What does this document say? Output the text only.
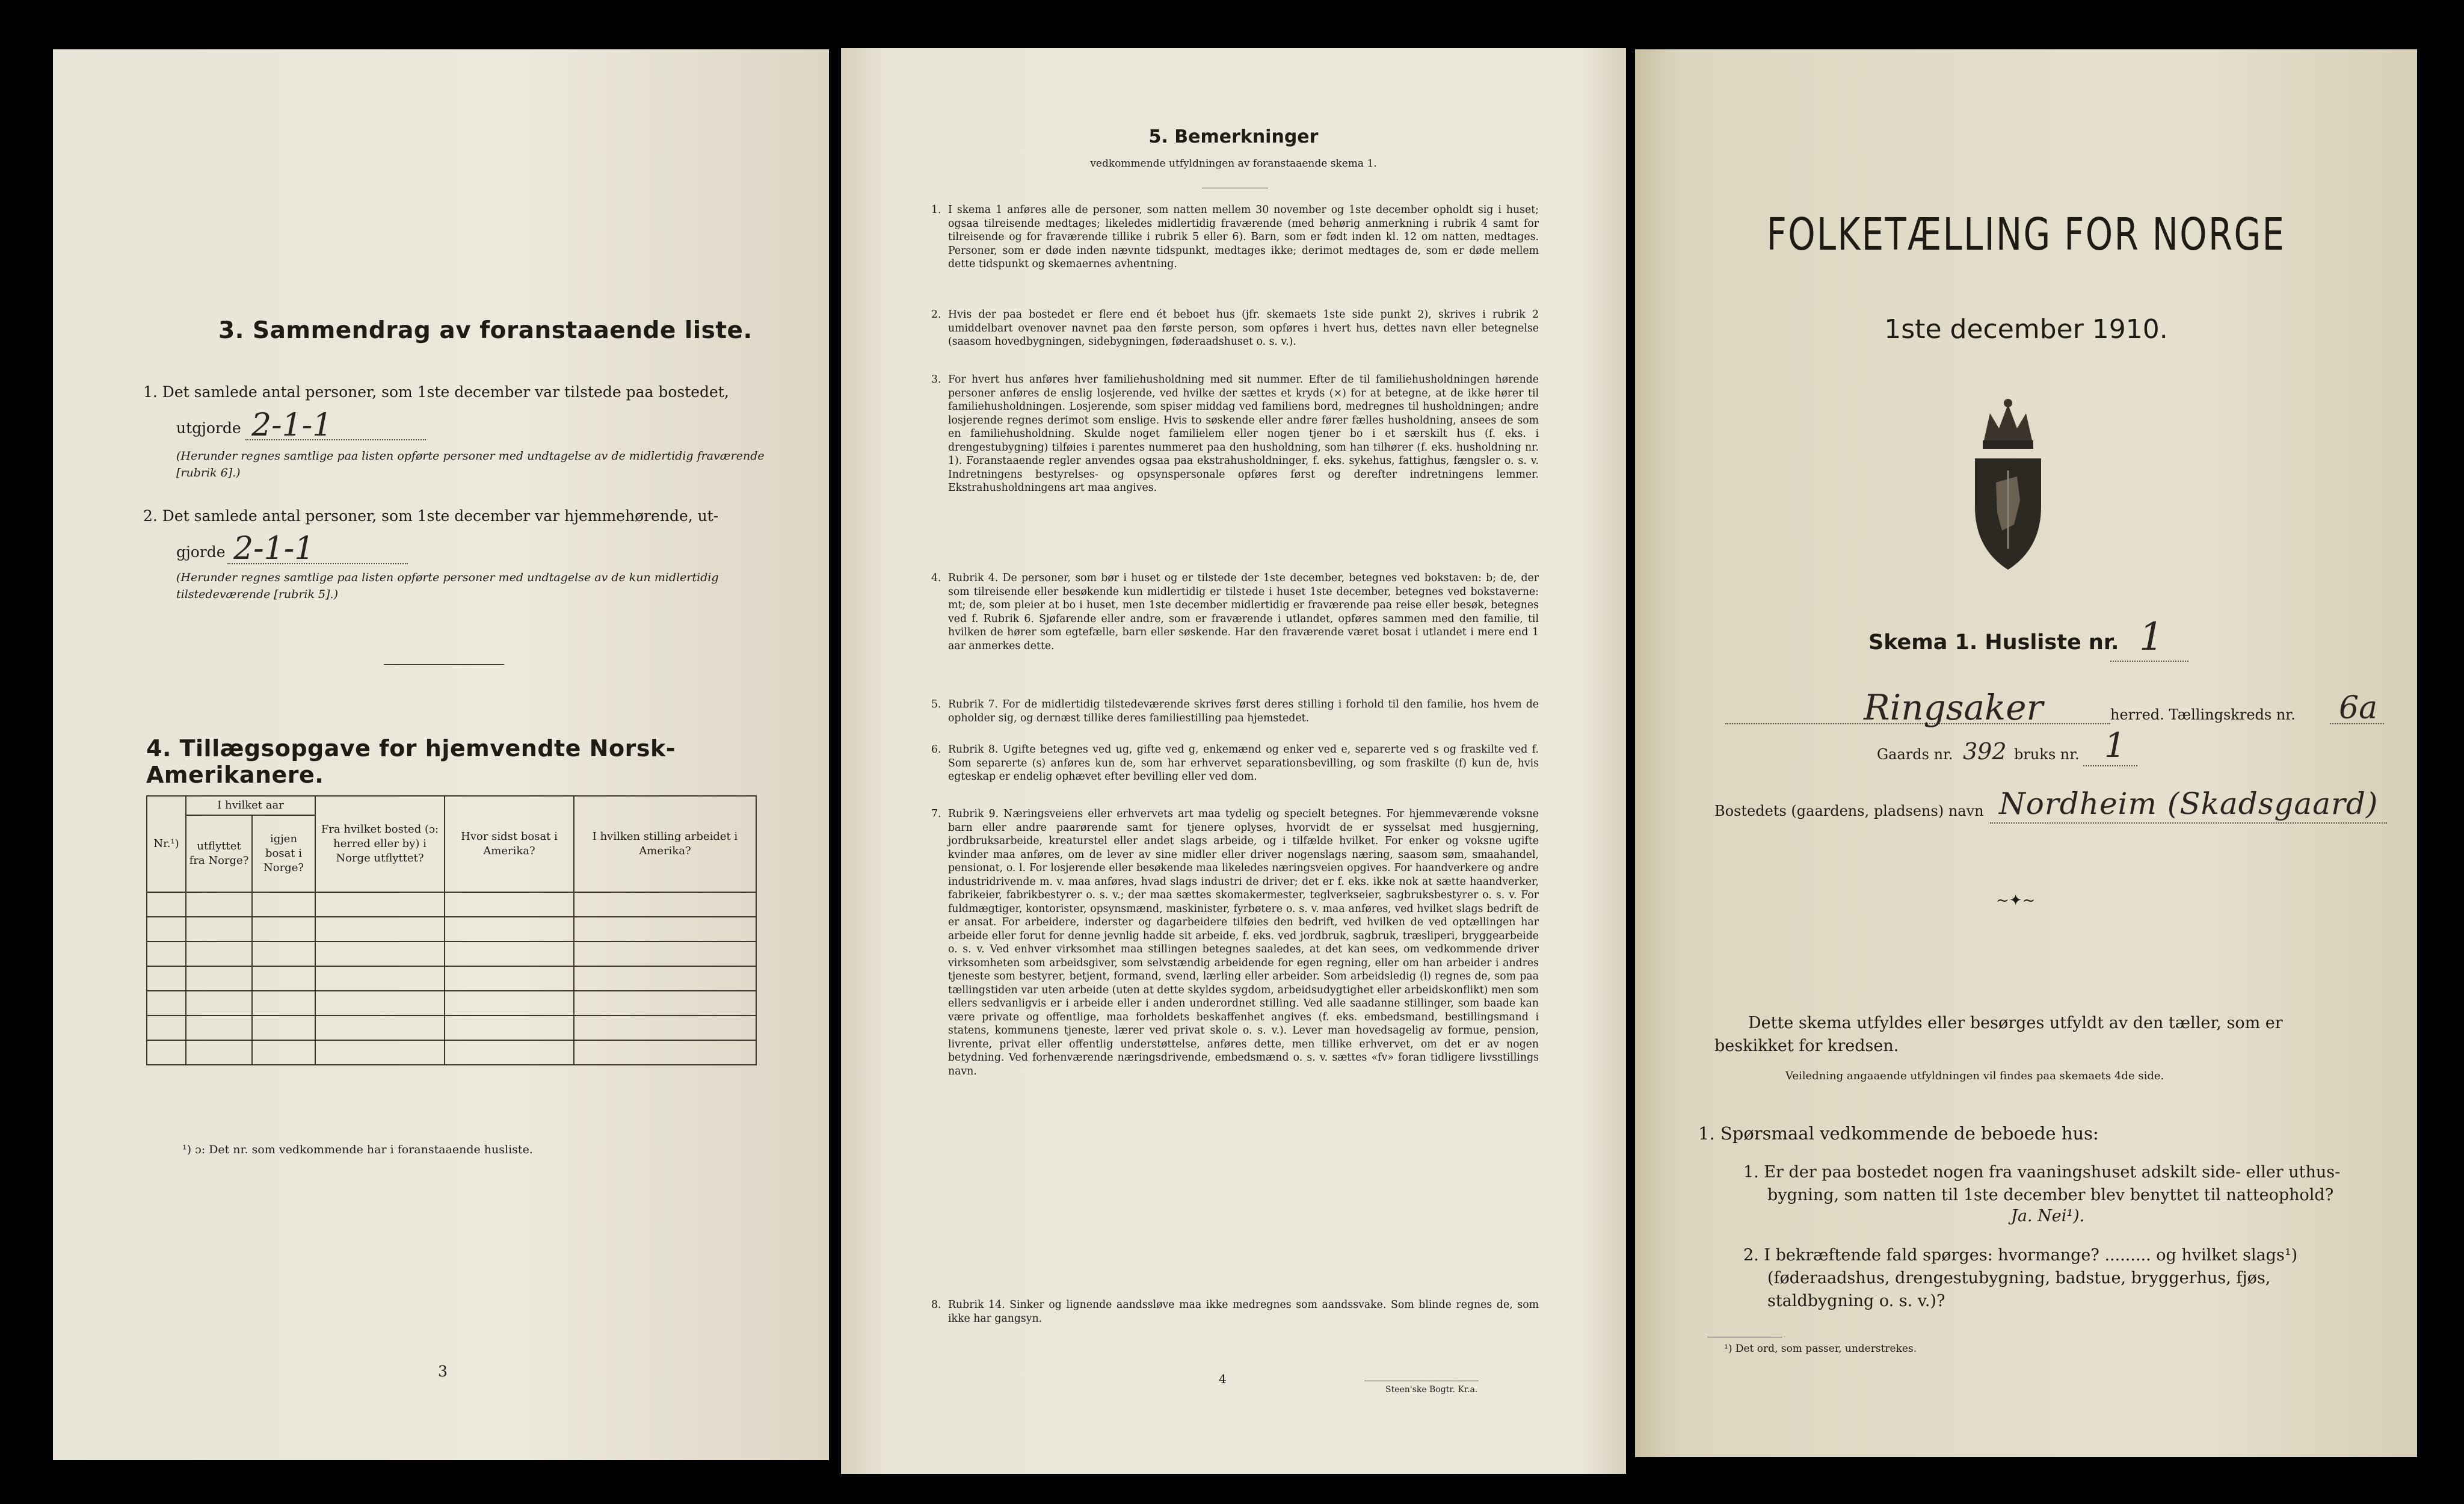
3. Sammendrag av foranstaaende liste.
1. Det samlede antal personer, som 1ste december var tilstede paa bostedet,
utgjorde 2-1-1
(Herunder regnes samtlige paa listen opførte personer med undtagelse av de midlertidig fraværende [rubrik 6].)
2. Det samlede antal personer, som 1ste december var hjemmehørende, ut-
gjorde 2-1-1
(Herunder regnes samtlige paa listen opførte personer med undtagelse av de kun midlertidig tilstedeværende [rubrik 5].)
4. Tillægsopgave for hjemvendte Norsk-Amerikanere.
Nr.¹)	I hvilket aar		Fra hvilket bosted (ɔ: herred eller by) i Norge utflyttet?	Hvor sidst bosat i Amerika?	I hvilken stilling arbeidet i Amerika?
	utflyttet fra Norge?	igjen bosat i Norge?			

¹) ɔ: Det nr. som vedkommende har i foranstaaende husliste.
3
5. Bemerkninger
vedkommende utfyldningen av foranstaaende skema 1.
1. I skema 1 anføres alle de personer, som natten mellem 30 november og 1ste december opholdt sig i huset; ogsaa tilreisende medtages; likeledes midlertidig fraværende (med behørig anmerkning i rubrik 4 samt for tilreisende og for fraværende tillike i rubrik 5 eller 6). Barn, som er født inden kl. 12 om natten, medtages. Personer, som er døde inden nævnte tidspunkt, medtages ikke; derimot medtages de, som er døde mellem dette tidspunkt og skemaernes avhentning.
2. Hvis der paa bostedet er flere end ét beboet hus (jfr. skemaets 1ste side punkt 2), skrives i rubrik 2 umiddelbart ovenover navnet paa den første person, som opføres i hvert hus, dettes navn eller betegnelse (saasom hovedbygningen, sidebygningen, føderaadshuset o. s. v.).
3. For hvert hus anføres hver familiehusholdning med sit nummer. Efter de til familiehusholdningen hørende personer anføres de enslig losjerende, ved hvilke der sættes et kryds (×) for at betegne, at de ikke hører til familiehusholdningen. Losjerende, som spiser middag ved familiens bord, medregnes til husholdningen; andre losjerende regnes derimot som enslige. Hvis to søskende eller andre fører fælles husholdning, ansees de som en familiehusholdning. Skulde noget familielem eller nogen tjener bo i et særskilt hus (f. eks. i drengestubygning) tilføies i parentes nummeret paa den husholdning, som han tilhører (f. eks. husholdning nr. 1). Foranstaaende regler anvendes ogsaa paa ekstrahusholdninger, f. eks. sykehus, fattighus, fængsler o. s. v. Indretningens bestyrelses- og opsynspersonale opføres først og derefter indretningens lemmer. Ekstrahusholdningens art maa angives.
4. Rubrik 4. De personer, som bør i huset og er tilstede der 1ste december, betegnes ved bokstaven: b; de, der som tilreisende eller besøkende kun midlertidig er tilstede i huset 1ste december, betegnes ved bokstaverne: mt; de, som pleier at bo i huset, men 1ste december midlertidig er fraværende paa reise eller besøk, betegnes ved f. Rubrik 6. Sjøfarende eller andre, som er fraværende i utlandet, opføres sammen med den familie, til hvilken de hører som egtefælle, barn eller søskende. Har den fraværende været bosat i utlandet i mere end 1 aar anmerkes dette.
5. Rubrik 7. For de midlertidig tilstedeværende skrives først deres stilling i forhold til den familie, hos hvem de opholder sig, og dernæst tillike deres familiestilling paa hjemstedet.
6. Rubrik 8. Ugifte betegnes ved ug, gifte ved g, enkemænd og enker ved e, separerte ved s og fraskilte ved f. Som separerte (s) anføres kun de, som har erhvervet separationsbevilling, og som fraskilte (f) kun de, hvis egteskap er endelig ophævet efter bevilling eller ved dom.
7. Rubrik 9. Næringsveiens eller erhvervets art maa tydelig og specielt betegnes. For hjemmeværende voksne barn eller andre paarørende samt for tjenere oplyses, hvorvidt de er sysselsat med husgjerning, jordbruksarbeide, kreaturstel eller andet slags arbeide, og i tilfælde hvilket. For enker og voksne ugifte kvinder maa anføres, om de lever av sine midler eller driver nogenslags næring, saasom søm, smaahandel, pensionat, o. l. For losjerende eller besøkende maa likeledes næringsveien opgives. For haandverkere og andre industridrivende m. v. maa anføres, hvad slags industri de driver; det er f. eks. ikke nok at sætte haandverker, fabrikeier, fabrikbestyrer o. s. v.; der maa sættes skomakermester, teglverkseier, sagbruksbestyrer o. s. v. For fuldmægtiger, kontorister, opsynsmænd, maskinister, fyrbøtere o. s. v. maa anføres, ved hvilket slags bedrift de er ansat. For arbeidere, inderster og dagarbeidere tilføies den bedrift, ved hvilken de ved optællingen har arbeide eller forut for denne jevnlig hadde sit arbeide, f. eks. ved jordbruk, sagbruk, træsliperi, bryggearbeide o. s. v. Ved enhver virksomhet maa stillingen betegnes saaledes, at det kan sees, om vedkommende driver virksomheten som arbeidsgiver, som selvstændig arbeidende for egen regning, eller om han arbeider i andres tjeneste som bestyrer, betjent, formand, svend, lærling eller arbeider. Som arbeidsledig (l) regnes de, som paa tællingstiden var uten arbeide (uten at dette skyldes sygdom, arbeidsudygtighet eller arbeidskonflikt) men som ellers sedvanligvis er i arbeide eller i anden underordnet stilling. Ved alle saadanne stillinger, som baade kan være private og offentlige, maa forholdets beskaffenhet angives (f. eks. embedsmand, bestillingsmand i statens, kommunens tjeneste, lærer ved privat skole o. s. v.). Lever man hovedsagelig av formue, pension, livrente, privat eller offentlig understøttelse, anføres dette, men tillike erhvervet, om det er av nogen betydning. Ved forhenværende næringsdrivende, embedsmænd o. s. v. sættes «fv» foran tidligere livsstillings navn.
8. Rubrik 14. Sinker og lignende aandssløve maa ikke medregnes som aandssvake. Som blinde regnes de, som ikke har gangsyn.
4
Steen'ske Bogtr. Kr.a.
FOLKETÆLLING FOR NORGE
1ste december 1910.
Skema 1. Husliste nr. 1
Ringsaker	herred. Tællingskreds nr. 6a
Gaards nr. 392 bruks nr. 1
Bostedets (gaardens, pladsens) navn Nordheim (Skadsgaard)
~✦~
Dette skema utfyldes eller besørges utfyldt av den tæller, som er beskikket for kredsen.
Veiledning angaaende utfyldningen vil findes paa skemaets 4de side.
1. Spørsmaal vedkommende de beboede hus:
1. Er der paa bostedet nogen fra vaaningshuset adskilt side- eller uthus-bygning, som natten til 1ste december blev benyttet til natteophold?
Ja. Nei¹).
2. I bekræftende fald spørges: hvormange? ......... og hvilket slags¹) (føderaadshus, drengestubygning, badstue, bryggerhus, fjøs, staldbygning o. s. v.)?
¹) Det ord, som passer, understrekes.
